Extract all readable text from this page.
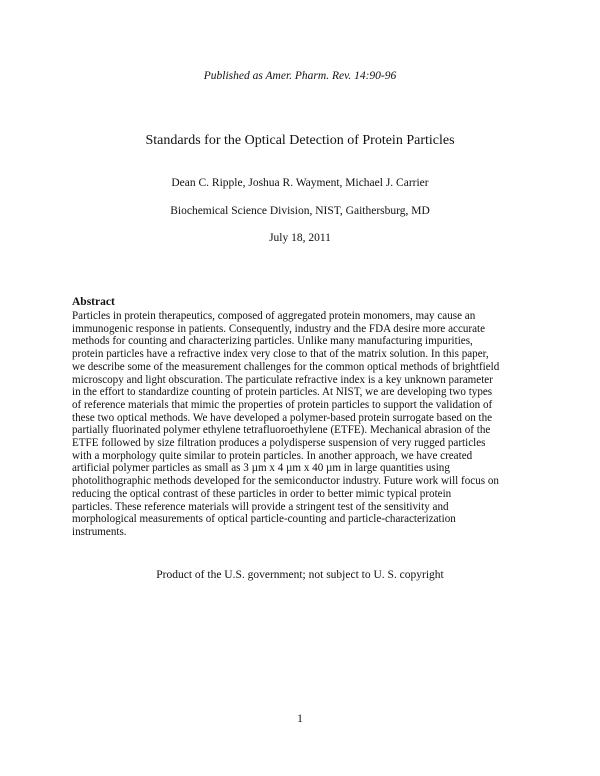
Published as Amer. Pharm. Rev. 14:90-96
Standards for the Optical Detection of Protein Particles
Dean C. Ripple, Joshua R. Wayment, Michael J. Carrier
Biochemical Science Division, NIST, Gaithersburg, MD
July 18, 2011
Abstract
Particles in protein therapeutics, composed of aggregated protein monomers, may cause an
immunogenic response in patients. Consequently, industry and the FDA desire more accurate
methods for counting and characterizing particles. Unlike many manufacturing impurities,
protein particles have a refractive index very close to that of the matrix solution. In this paper,
we describe some of the measurement challenges for the common optical methods of brightfield
microscopy and light obscuration. The particulate refractive index is a key unknown parameter
in the effort to standardize counting of protein particles. At NIST, we are developing two types
of reference materials that mimic the properties of protein particles to support the validation of
these two optical methods. We have developed a polymer-based protein surrogate based on the
partially fluorinated polymer ethylene tetrafluoroethylene (ETFE). Mechanical abrasion of the
ETFE followed by size filtration produces a polydisperse suspension of very rugged particles
with a morphology quite similar to protein particles. In another approach, we have created
artificial polymer particles as small as 3 µm x 4 µm x 40 µm in large quantities using
photolithographic methods developed for the semiconductor industry. Future work will focus on
reducing the optical contrast of these particles in order to better mimic typical protein
particles. These reference materials will provide a stringent test of the sensitivity and
morphological measurements of optical particle-counting and particle-characterization
instruments.
Product of the U.S. government; not subject to U. S. copyright
1
